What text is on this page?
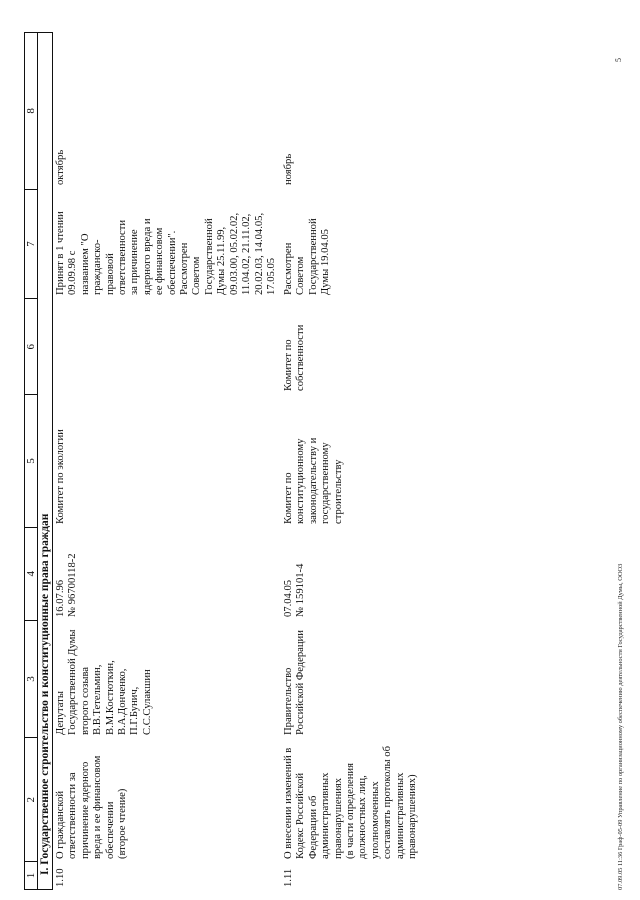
1
2
3
4
5
6
7
8
I. Государственное строительство и конституционные права граждан
1.10
О гражданской ответственности за причинение ядерного вреда и ее финансовом обеспечении (второе чтение)
Депутаты Государственной Думы второго созыва В.В.Тетельмин, В.М.Костюткин, В.А.Донченко, П.Г.Бунич, С.С.Сулакшин
16.07.96 № 96700118-2
Комитет по экологии
Принят в 1 чтении 09.09.98 с названием "О гражданско- правовой ответственности за причинение ядерного вреда и ее финансовом обеспечении". Рассмотрен Советом Государственной Думы 25.11.99, 09.03.00, 05.02.02, 11.04.02, 21.11.02, 20.02.03, 14.04.05, 17.05.05
октябрь
1.11
О внесении изменений в Кодекс Российской Федерации об административных правонарушениях (в части определения должностных лиц, уполномоченных составлять протоколы об административных правонарушениях)
Правительство Российской Федерации
07.04.05 № 159101-4
Комитет по конституционному законодательству и государственному строительству
Комитет по собственности
Рассмотрен Советом Государственной Думы 19.04.05
ноябрь
07.09.05 11:36 Граф-05-09 Управление по организационному обеспечению деятельности Государственной Думы, ООО3
5
